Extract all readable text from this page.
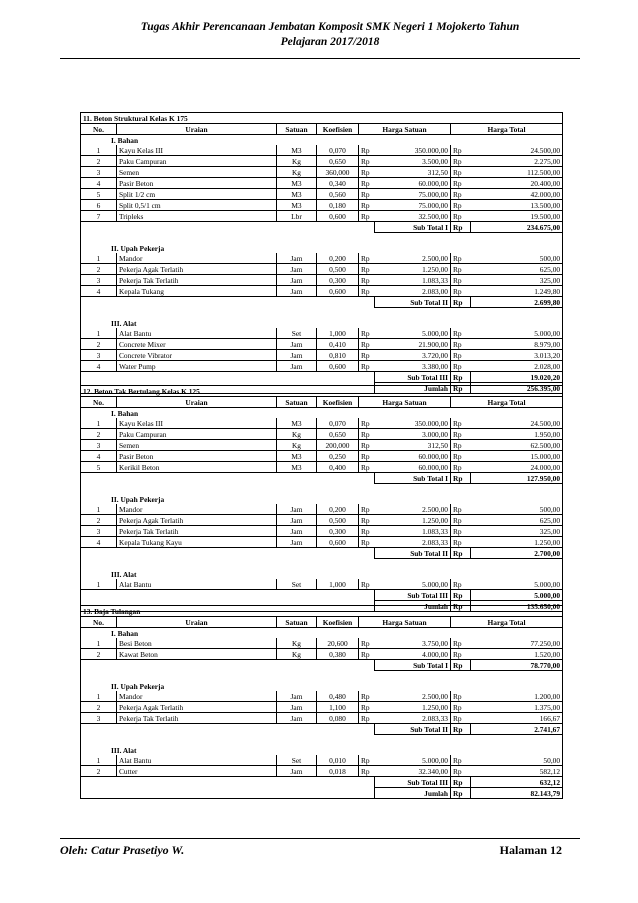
Tugas Akhir Perencanaan Jembatan Komposit SMK Negeri 1 Mojokerto Tahun
Pelajaran 2017/2018
11. Beton Struktural Kelas K 175							
No.	Uraian	Satuan	Koefisien	Harga Satuan		Harga Total	
I. Bahan							
1	Kayu Kelas III	M3	0,070	Rp	350.000,00	Rp	24.500,00
2	Paku Campuran	Kg	0,650	Rp	3.500,00	Rp	2.275,00
3	Semen	Kg	360,000	Rp	312,50	Rp	112.500,00
4	Pasir Beton	M3	0,340	Rp	60.000,00	Rp	20.400,00
5	Split 1/2 cm	M3	0,560	Rp	75.000,00	Rp	42.000,00
6	Split 0,5/1 cm	M3	0,180	Rp	75.000,00	Rp	13.500,00
7	Tripleks	Lbr	0,600	Rp	32.500,00	Rp	19.500,00
					Sub Total I	Rp	234.675,00

II. Upah Pekerja							
1	Mandor	Jam	0,200	Rp	2.500,00	Rp	500,00
2	Pekerja Agak Terlatih	Jam	0,500	Rp	1.250,00	Rp	625,00
3	Pekerja Tak Terlatih	Jam	0,300	Rp	1.083,33	Rp	325,00
4	Kepala Tukang	Jam	0,600	Rp	2.083,00	Rp	1.249,80
					Sub Total II	Rp	2.699,80

III. Alat							
1	Alat Bantu	Set	1,000	Rp	5.000,00	Rp	5.000,00
2	Concrete Mixer	Jam	0,410	Rp	21.900,00	Rp	8.979,00
3	Concrete Vibrator	Jam	0,810	Rp	3.720,00	Rp	3.013,20
4	Water Pump	Jam	0,600	Rp	3.380,00	Rp	2.028,00
					Sub Total III	Rp	19.020,20
					Jumlah	Rp	256.395,00
12. Beton Tak Bertulang Kelas K 125							
No.	Uraian	Satuan	Koefisien	Harga Satuan		Harga Total	
I. Bahan							
1	Kayu Kelas III	M3	0,070	Rp	350.000,00	Rp	24.500,00
2	Paku Campuran	Kg	0,650	Rp	3.000,00	Rp	1.950,00
3	Semen	Kg	200,000	Rp	312,50	Rp	62.500,00
4	Pasir Beton	M3	0,250	Rp	60.000,00	Rp	15.000,00
5	Kerikil Beton	M3	0,400	Rp	60.000,00	Rp	24.000,00
					Sub Total I	Rp	127.950,00

II. Upah Pekerja							
1	Mandor	Jam	0,200	Rp	2.500,00	Rp	500,00
2	Pekerja Agak Terlatih	Jam	0,500	Rp	1.250,00	Rp	625,00
3	Pekerja Tak Terlatih	Jam	0,300	Rp	1.083,33	Rp	325,00
4	Kepala Tukang Kayu	Jam	0,600	Rp	2.083,33	Rp	1.250,00
					Sub Total II	Rp	2.700,00

III. Alat							
1	Alat Bantu	Set	1,000	Rp	5.000,00	Rp	5.000,00
					Sub Total III	Rp	5.000,00
					Jumlah	Rp	135.650,00
13. Baja Tulangan							
No.	Uraian	Satuan	Koefisien	Harga Satuan		Harga Total	
I. Bahan							
1	Besi Beton	Kg	20,600	Rp	3.750,00	Rp	77.250,00
2	Kawat Beton	Kg	0,380	Rp	4.000,00	Rp	1.520,00
					Sub Total I	Rp	78.770,00

II. Upah Pekerja							
1	Mandor	Jam	0,480	Rp	2.500,00	Rp	1.200,00
2	Pekerja Agak Terlatih	Jam	1,100	Rp	1.250,00	Rp	1.375,00
3	Pekerja Tak Terlatih	Jam	0,080	Rp	2.083,33	Rp	166,67
					Sub Total II	Rp	2.741,67

III. Alat							
1	Alat Bantu	Set	0,010	Rp	5.000,00	Rp	50,00
2	Cutter	Jam	0,018	Rp	32.340,00	Rp	582,12
					Sub Total III	Rp	632,12
					Jumlah	Rp	82.143,79
Oleh: Catur Prasetiyo W.	Halaman 12
